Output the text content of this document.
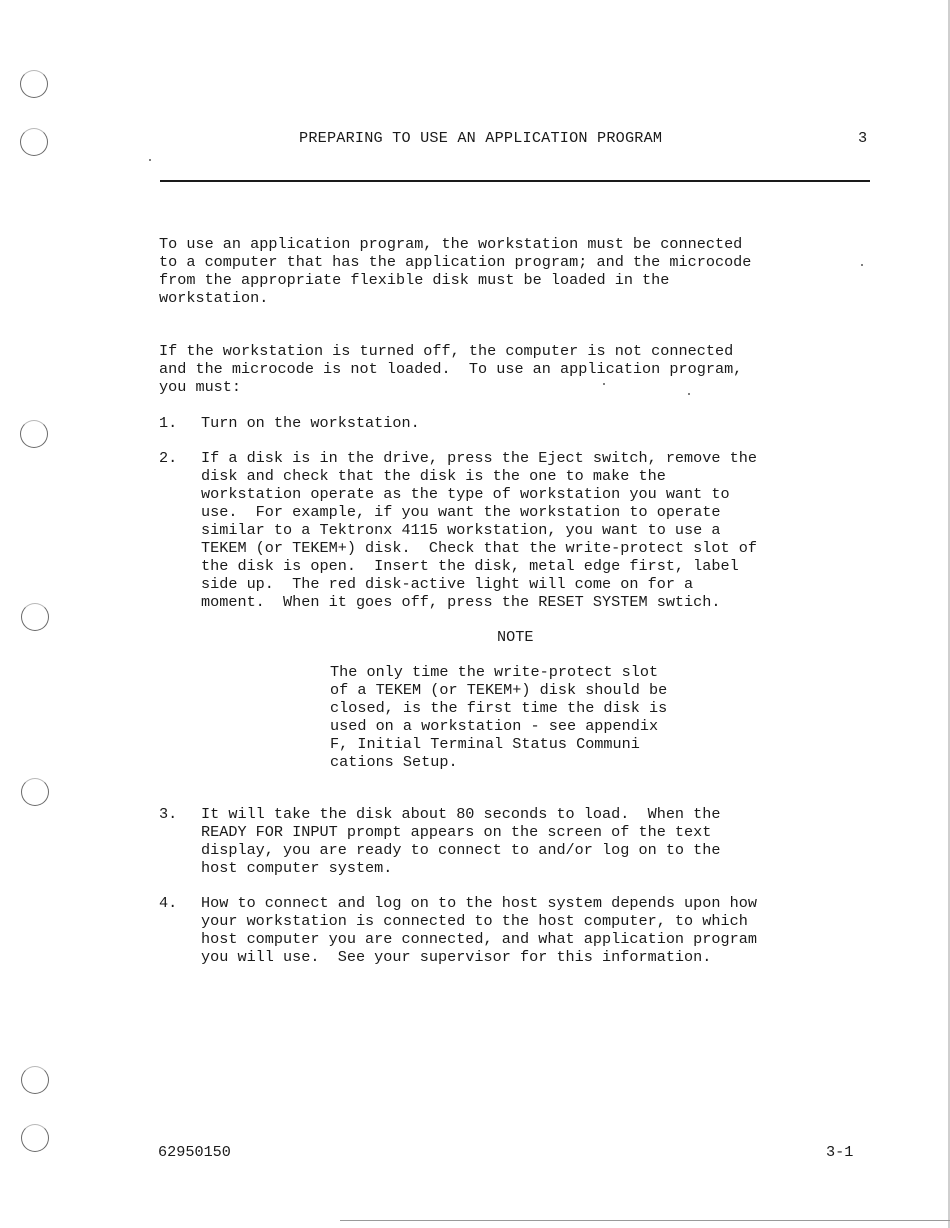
PREPARING TO USE AN APPLICATION PROGRAM	3
To use an application program, the workstation must be connected
to a computer that has the application program; and the microcode
from the appropriate flexible disk must be loaded in the
workstation.
If the workstation is turned off, the computer is not connected
and the microcode is not loaded.  To use an application program,
you must:
1. Turn on the workstation.
2. If a disk is in the drive, press the Eject switch, remove the
disk and check that the disk is the one to make the
workstation operate as the type of workstation you want to
use.  For example, if you want the workstation to operate
similar to a Tektronx 4115 workstation, you want to use a
TEKEM (or TEKEM+) disk.  Check that the write-protect slot of
the disk is open.  Insert the disk, metal edge first, label
side up.  The red disk-active light will come on for a
moment.  When it goes off, press the RESET SYSTEM swtich.
NOTE
The only time the write-protect slot
of a TEKEM (or TEKEM+) disk should be
closed, is the first time the disk is
used on a workstation - see appendix
F, Initial Terminal Status Communi
cations Setup.
3. It will take the disk about 80 seconds to load.  When the
READY FOR INPUT prompt appears on the screen of the text
display, you are ready to connect to and/or log on to the
host computer system.
4. How to connect and log on to the host system depends upon how
your workstation is connected to the host computer, to which
host computer you are connected, and what application program
you will use.  See your supervisor for this information.
62950150	3-1
